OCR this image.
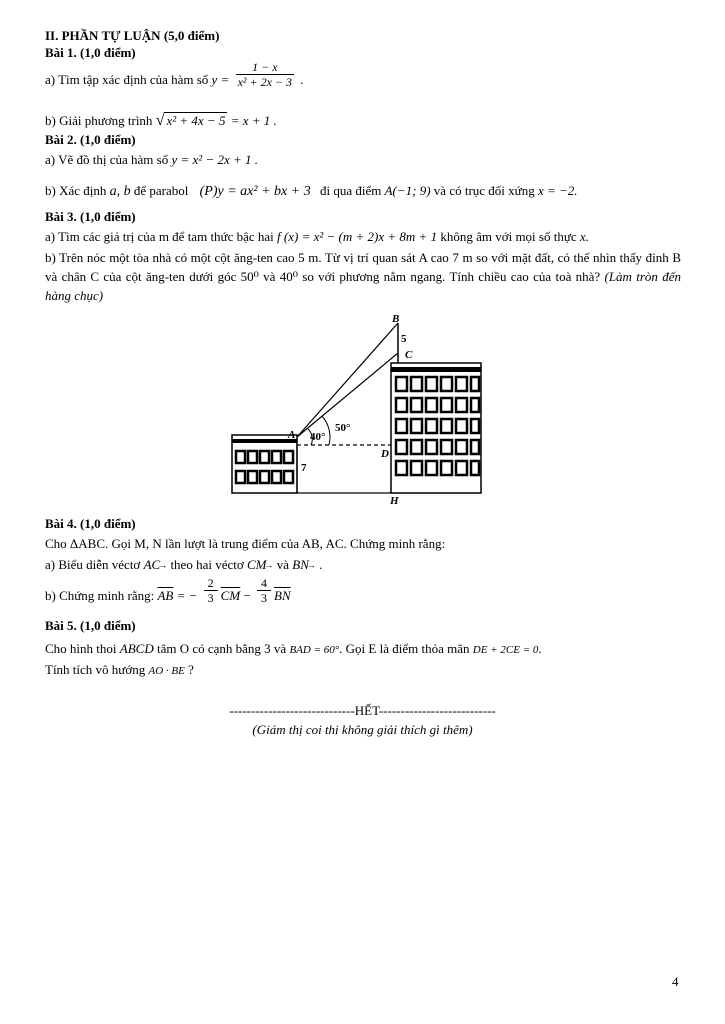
II. PHẦN TỰ LUẬN (5,0 điểm)
Bài 1. (1,0 điểm)
a) Tìm tập xác định của hàm số $y = \frac{1 - x}{\text{x² + 2x − 3}}$ .
b) Giải phương trình √ x² + 4x − 5 = x + 1 .
Bài 2. (1,0 điểm)
a) Vẽ đồ thị của hàm số y = x² − 2x + 1 .
b) Xác định a, b để parabol (P)y = ax² + bx + 3 đi qua điểm A(−1; 9) và có trục đối xứng x = −2.
Bài 3. (1,0 điểm)
a) Tìm các giá trị của m để tam thức bậc hai f (x) = x² − (m + 2)x + 8m + 1 không âm với mọi số thực x.
b) Trên nóc một tòa nhà có một cột ăng-ten cao 5 m. Từ vị trí quan sát A cao 7 m so với mặt đất, có thể nhìn thấy đỉnh B và chân C của cột ăng-ten dưới góc 50⁰ và 40⁰ so với phương nằm ngang. Tính chiều cao của toà nhà? (Làm tròn đến hàng chục)
B
5
C
A 40°
50°
D
7
H
Bài 4. (1,0 điểm)
Cho ΔABC. Gọi M, N lần lượt là trung điểm của AB, AC. Chứng minh rằng:
a) Biểu diễn véctơ AC→ theo hai véctơ CM→ và BN→ .
b) Chứng minh rằng: $\overline{AB}$ = − $\frac{2}{3} \overline{CM} - \frac{4}{3} \overline{BN}$
Bài 5. (1,0 điểm)
Cho hình thoi ABCD tâm O có cạnh bằng 3 và BAD = 60°. Gọi E là điểm thỏa mãn DE + 2CE = 0.
Tính tích vô hướng AO · BE ?
-----------------------------HẾT---------------------------
(Giám thị coi thi không giải thích gì thêm)
4
